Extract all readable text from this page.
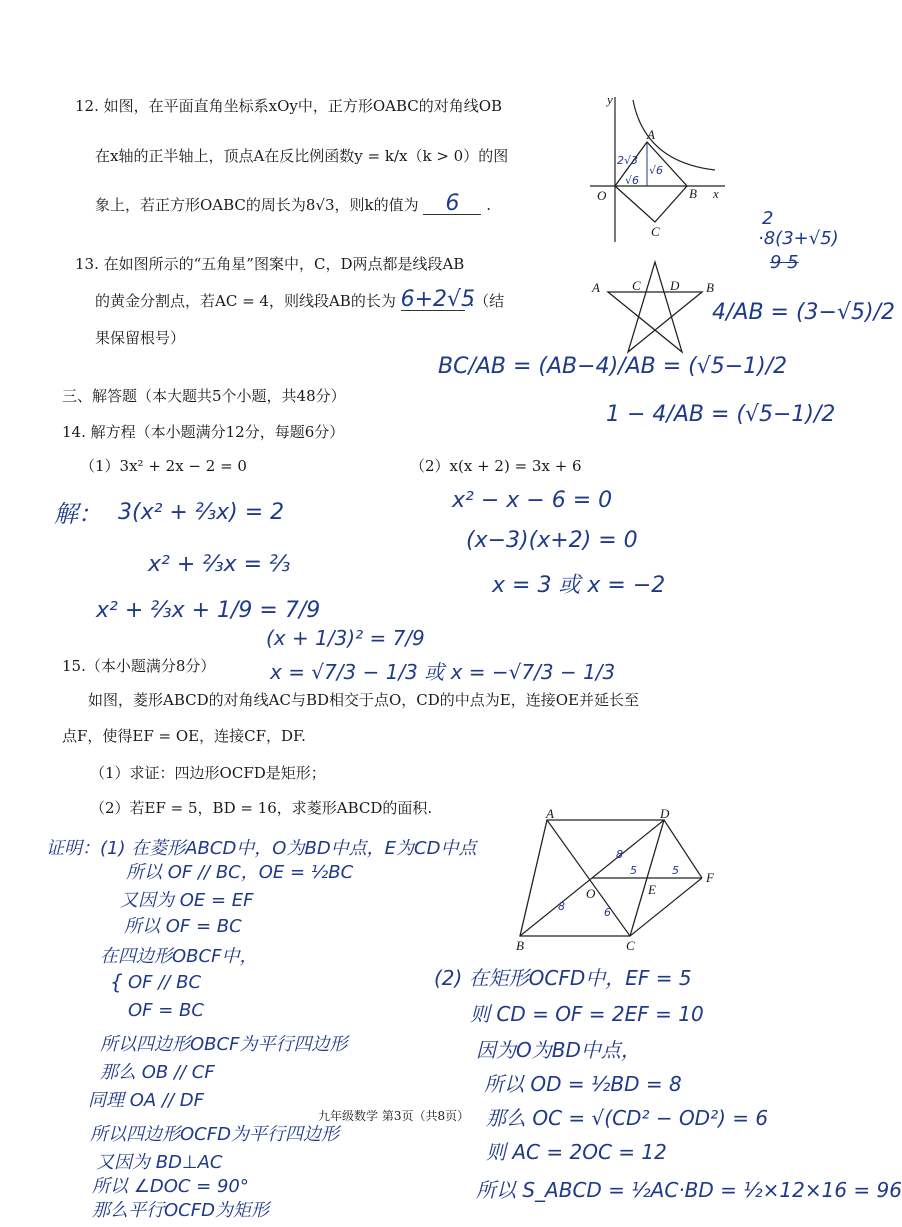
12. 如图，在平面直角坐标系xOy中，正方形OABC的对角线OB
在x轴的正半轴上，顶点A在反比例函数y = k/x（k > 0）的图
象上，若正方形OABC的周长为8√3，则k的值为 6 .
y
A
O	B x
C
2√3
√6
√6
2
·8(3+√5)
9 5
4/AB = (3−√5)/2
BC/AB = (AB−4)/AB = (√5−1)/2
1 − 4/AB = (√5−1)/2
13. 在如图所示的“五角星”图案中，C，D两点都是线段AB
的黄金分割点，若AC = 4，则线段AB的长为 6+2√5 .（结
果保留根号）
A C D B
三、解答题（本大题共5个小题，共48分）
14. 解方程（本小题满分12分，每题6分）
（1）3x² + 2x − 2 = 0	（2）x(x + 2) = 3x + 6
解： 3(x² + ⅔x) = 2
x² + ⅔x = ⅔
x² + ⅔x + 1/9 = 7/9
(x + 1/3)² = 7/9
x = √7/3 − 1/3 或 x = −√7/3 − 1/3
x² − x − 6 = 0
(x−3)(x+2) = 0
x = 3 或 x = −2
15.（本小题满分8分）
如图，菱形ABCD的对角线AC与BD相交于点O，CD的中点为E，连接OE并延长至
点F，使得EF = OE，连接CF，DF.
（1）求证：四边形OCFD是矩形；
（2）若EF = 5，BD = 16，求菱形ABCD的面积.	A	D
O	E
F
B	C
8
6
5	5
8
证明：(1) 在菱形ABCD中，O为BD中点，E为CD中点
所以 OF // BC，OE = ½BC
又因为 OE = EF
所以 OF = BC
在四边形OBCF中，
{ OF // BC
OF = BC
所以四边形OBCF为平行四边形
那么 OB // CF
同理 OA // DF
所以四边形OCFD为平行四边形
又因为 BD⊥AC
所以 ∠DOC = 90°
那么平行OCFD为矩形
九年级数学 第3页（共8页）
(2) 在矩形OCFD中，EF = 5
则 CD = OF = 2EF = 10
因为O为BD中点，
所以 OD = ½BD = 8
那么 OC = √(CD² − OD²) = 6
则 AC = 2OC = 12
所以 S_ABCD = ½AC·BD = ½×12×16 = 96
